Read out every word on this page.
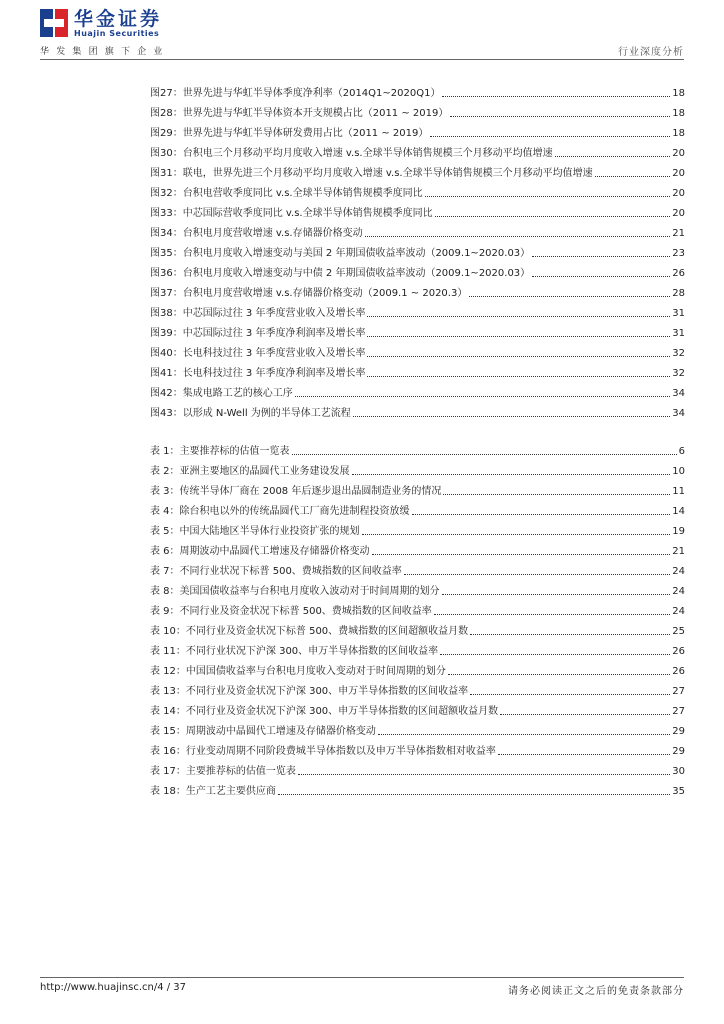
华金证券
Huajin Securities
华发集团旗下企业	行业深度分析
图27：世界先进与华虹半导体季度净利率（2014Q1~2020Q1）	18
图28：世界先进与华虹半导体资本开支规模占比（2011 ~ 2019）	18
图29：世界先进与华虹半导体研发费用占比（2011 ~ 2019）	18
图30：台积电三个月移动平均月度收入增速 v.s.全球半导体销售规模三个月移动平均值增速	20
图31：联电，世界先进三个月移动平均月度收入增速 v.s.全球半导体销售规模三个月移动平均值增速	20
图32：台积电营收季度同比 v.s.全球半导体销售规模季度同比	20
图33：中芯国际营收季度同比 v.s.全球半导体销售规模季度同比	20
图34：台积电月度营收增速 v.s.存储器价格变动	21
图35：台积电月度收入增速变动与美国 2 年期国债收益率波动（2009.1~2020.03）	23
图36：台积电月度收入增速变动与中债 2 年期国债收益率波动（2009.1~2020.03）	26
图37：台积电月度营收增速 v.s.存储器价格变动（2009.1 ~ 2020.3）	28
图38：中芯国际过往 3 年季度营业收入及增长率	31
图39：中芯国际过往 3 年季度净利润率及增长率	31
图40：长电科技过往 3 年季度营业收入及增长率	32
图41：长电科技过往 3 年季度净利润率及增长率	32
图42：集成电路工艺的核心工序	34
图43：以形成 N-Well 为例的半导体工艺流程	34
表 1：主要推荐标的估值一览表	6
表 2：亚洲主要地区的晶圆代工业务建设发展	10
表 3：传统半导体厂商在 2008 年后逐步退出晶圆制造业务的情况	11
表 4：除台积电以外的传统晶圆代工厂商先进制程投资放缓	14
表 5：中国大陆地区半导体行业投资扩张的规划	19
表 6：周期波动中晶圆代工增速及存储器价格变动	21
表 7：不同行业状况下标普 500、费城指数的区间收益率	24
表 8：美国国债收益率与台积电月度收入波动对于时间周期的划分	24
表 9：不同行业及资金状况下标普 500、费城指数的区间收益率	24
表 10：不同行业及资金状况下标普 500、费城指数的区间超额收益月数	25
表 11：不同行业状况下沪深 300、申万半导体指数的区间收益率	26
表 12：中国国债收益率与台积电月度收入变动对于时间周期的划分	26
表 13：不同行业及资金状况下沪深 300、申万半导体指数的区间收益率	27
表 14：不同行业及资金状况下沪深 300、申万半导体指数的区间超额收益月数	27
表 15：周期波动中晶圆代工增速及存储器价格变动	29
表 16：行业变动周期不同阶段费城半导体指数以及申万半导体指数相对收益率	29
表 17：主要推荐标的估值一览表	30
表 18：生产工艺主要供应商	35
http://www.huajinsc.cn/4 / 37	请务必阅读正文之后的免责条款部分
